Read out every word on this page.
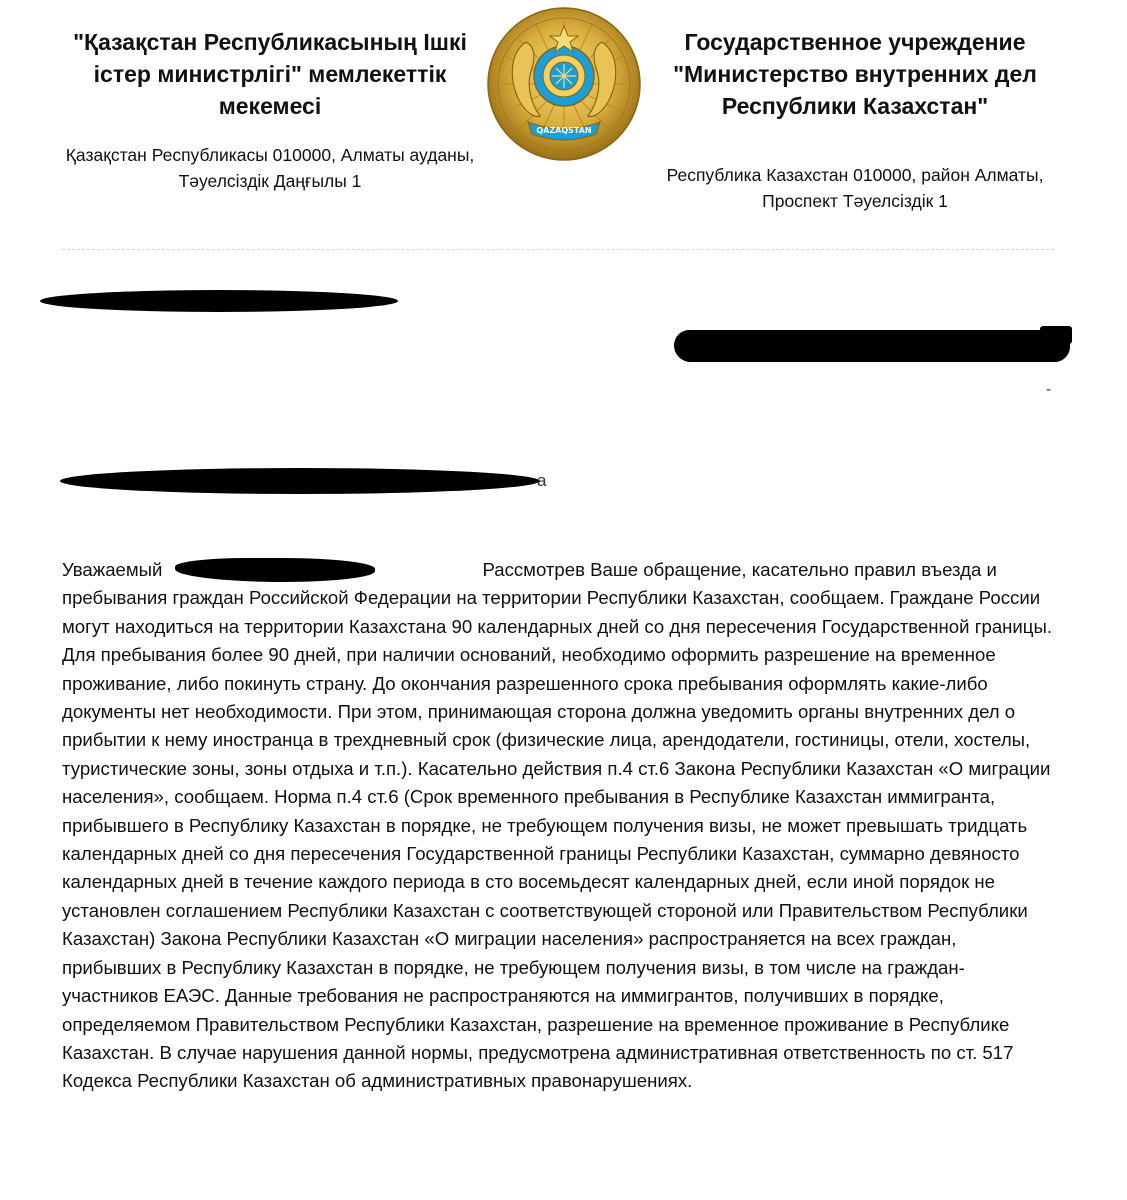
"Қазақстан Республикасының Ішкі істер министрлігі" мемлекеттік мекемесі
Қазақстан Республикасы 010000, Алматы ауданы, Тәуелсіздік Даңғылы 1
QAZAQSTAN
Государственное учреждение "Министерство внутренних дел Республики Казахстан"
Республика Казахстан 010000, район Алматы, Проспект Тәуелсіздік 1
-
а

Уважаемый	Рассмотрев Ваше обращение, касательно правил въезда и пребывания граждан Российской Федерации на территории Республики Казахстан, сообщаем. Граждане России могут находиться на территории Казахстана 90 календарных дней со дня пересечения Государственной границы. Для пребывания более 90 дней, при наличии оснований, необходимо оформить разрешение на временное проживание, либо покинуть страну. До окончания разрешенного срока пребывания оформлять какие-либо документы нет необходимости. При этом, принимающая сторона должна уведомить органы внутренних дел о прибытии к нему иностранца в трехдневный срок (физические лица, арендодатели, гостиницы, отели, хостелы, туристические зоны, зоны отдыха и т.п.). Касательно действия п.4 ст.6 Закона Республики Казахстан «О миграции населения», сообщаем. Норма п.4 ст.6 (Срок временного пребывания в Республике Казахстан иммигранта, прибывшего в Республику Казахстан в порядке, не требующем получения визы, не может превышать тридцать календарных дней со дня пересечения Государственной границы Республики Казахстан, суммарно девяносто календарных дней в течение каждого периода в сто восемьдесят календарных дней, если иной порядок не установлен соглашением Республики Казахстан с соответствующей стороной или Правительством Республики Казахстан) Закона Республики Казахстан «О миграции населения» распространяется на всех граждан, прибывших в Республику Казахстан в порядке, не требующем получения визы, в том числе на граждан-участников ЕАЭС. Данные требования не распространяются на иммигрантов, получивших в порядке, определяемом Правительством Республики Казахстан, разрешение на временное проживание в Республике Казахстан. В случае нарушения данной нормы, предусмотрена административная ответственность по ст. 517 Кодекса Республики Казахстан об административных правонарушениях.
